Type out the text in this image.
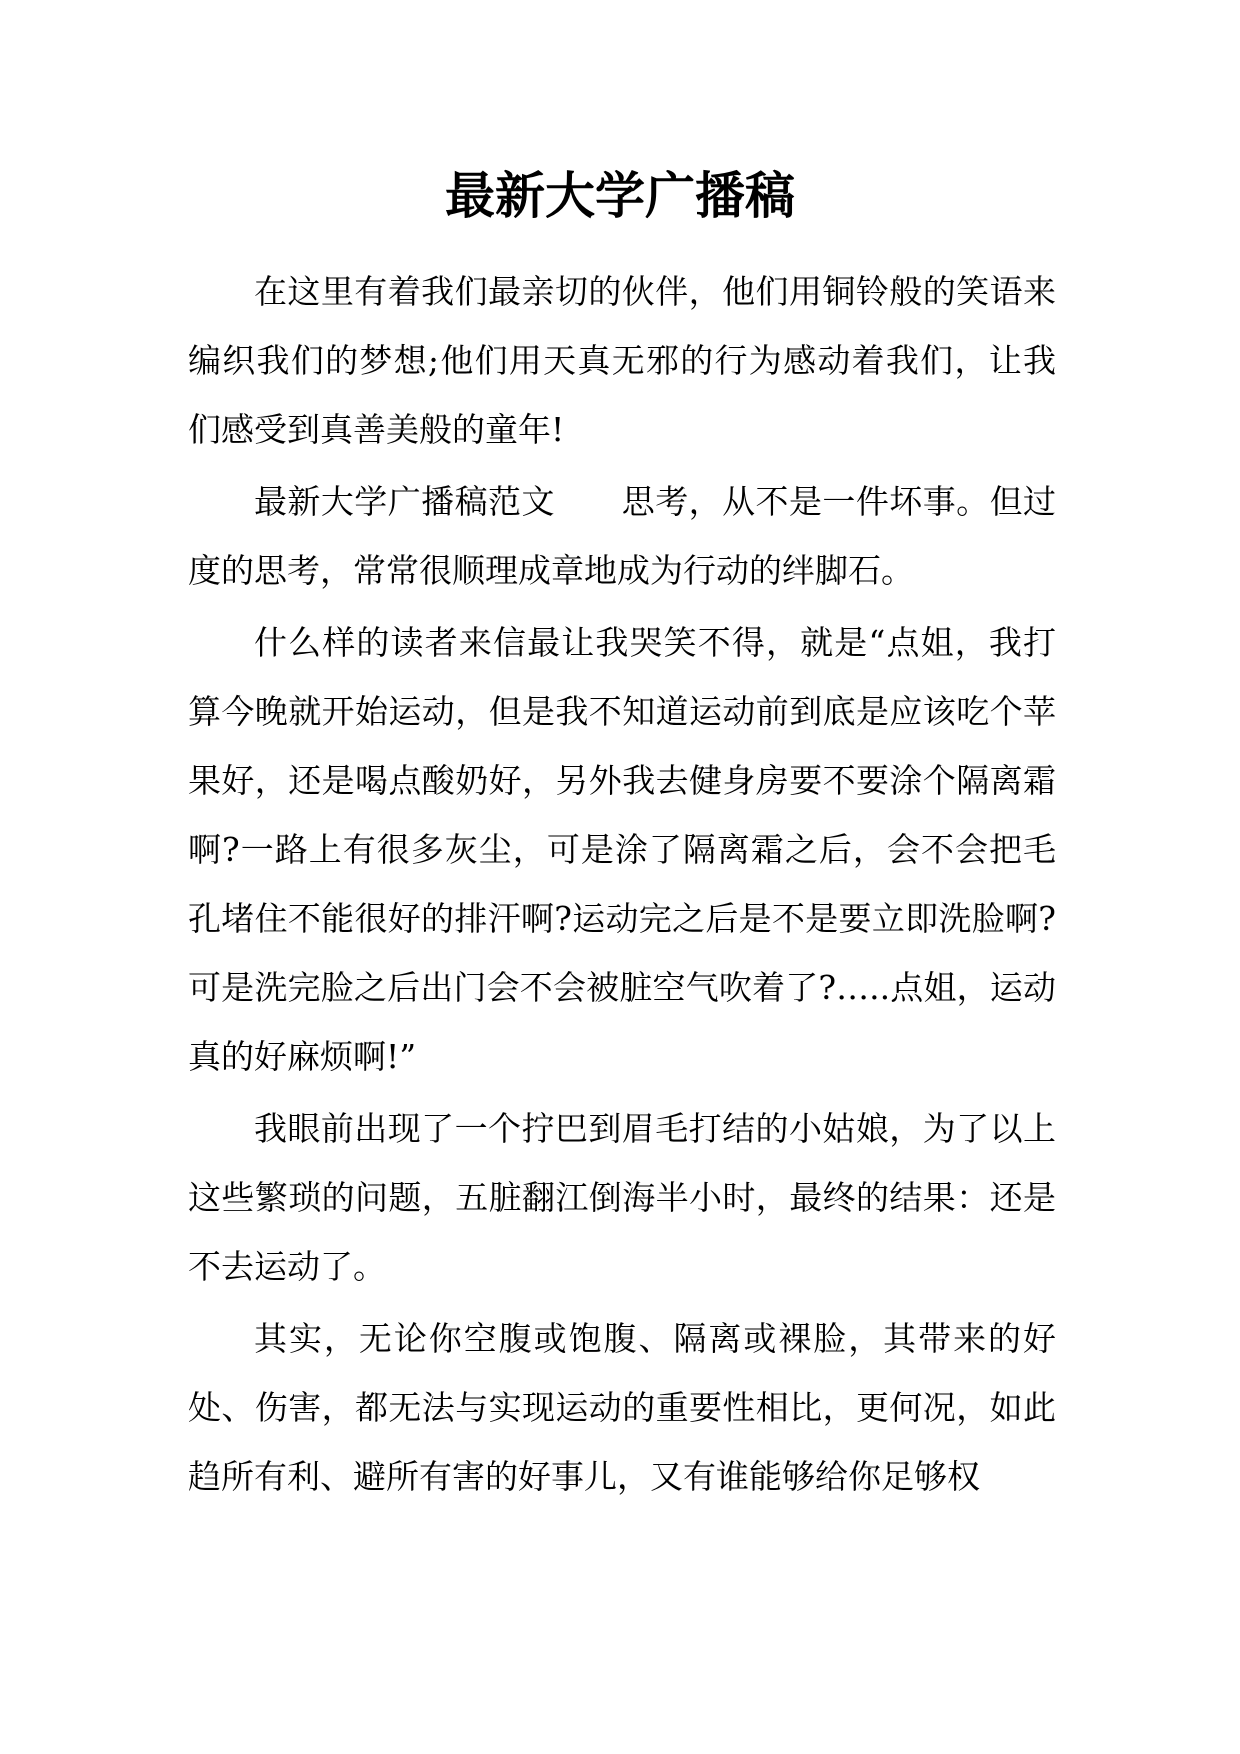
最新大学广播稿

在这里有着我们最亲切的伙伴，他们用铜铃般的笑语来编织我们的梦想;他们用天真无邪的行为感动着我们，让我们感受到真善美般的童年!

最新大学广播稿范文　　思考，从不是一件坏事。但过度的思考，常常很顺理成章地成为行动的绊脚石。

什么样的读者来信最让我哭笑不得，就是“点姐，我打算今晚就开始运动，但是我不知道运动前到底是应该吃个苹果好，还是喝点酸奶好，另外我去健身房要不要涂个隔离霜啊?一路上有很多灰尘，可是涂了隔离霜之后，会不会把毛孔堵住不能很好的排汗啊?运动完之后是不是要立即洗脸啊?可是洗完脸之后出门会不会被脏空气吹着了?…..点姐，运动真的好麻烦啊!”

我眼前出现了一个拧巴到眉毛打结的小姑娘，为了以上这些繁琐的问题，五脏翻江倒海半小时，最终的结果：还是不去运动了。

其实，无论你空腹或饱腹、隔离或裸脸，其带来的好处、伤害，都无法与实现运动的重要性相比，更何况，如此趋所有利、避所有害的好事儿，又有谁能够给你足够权
